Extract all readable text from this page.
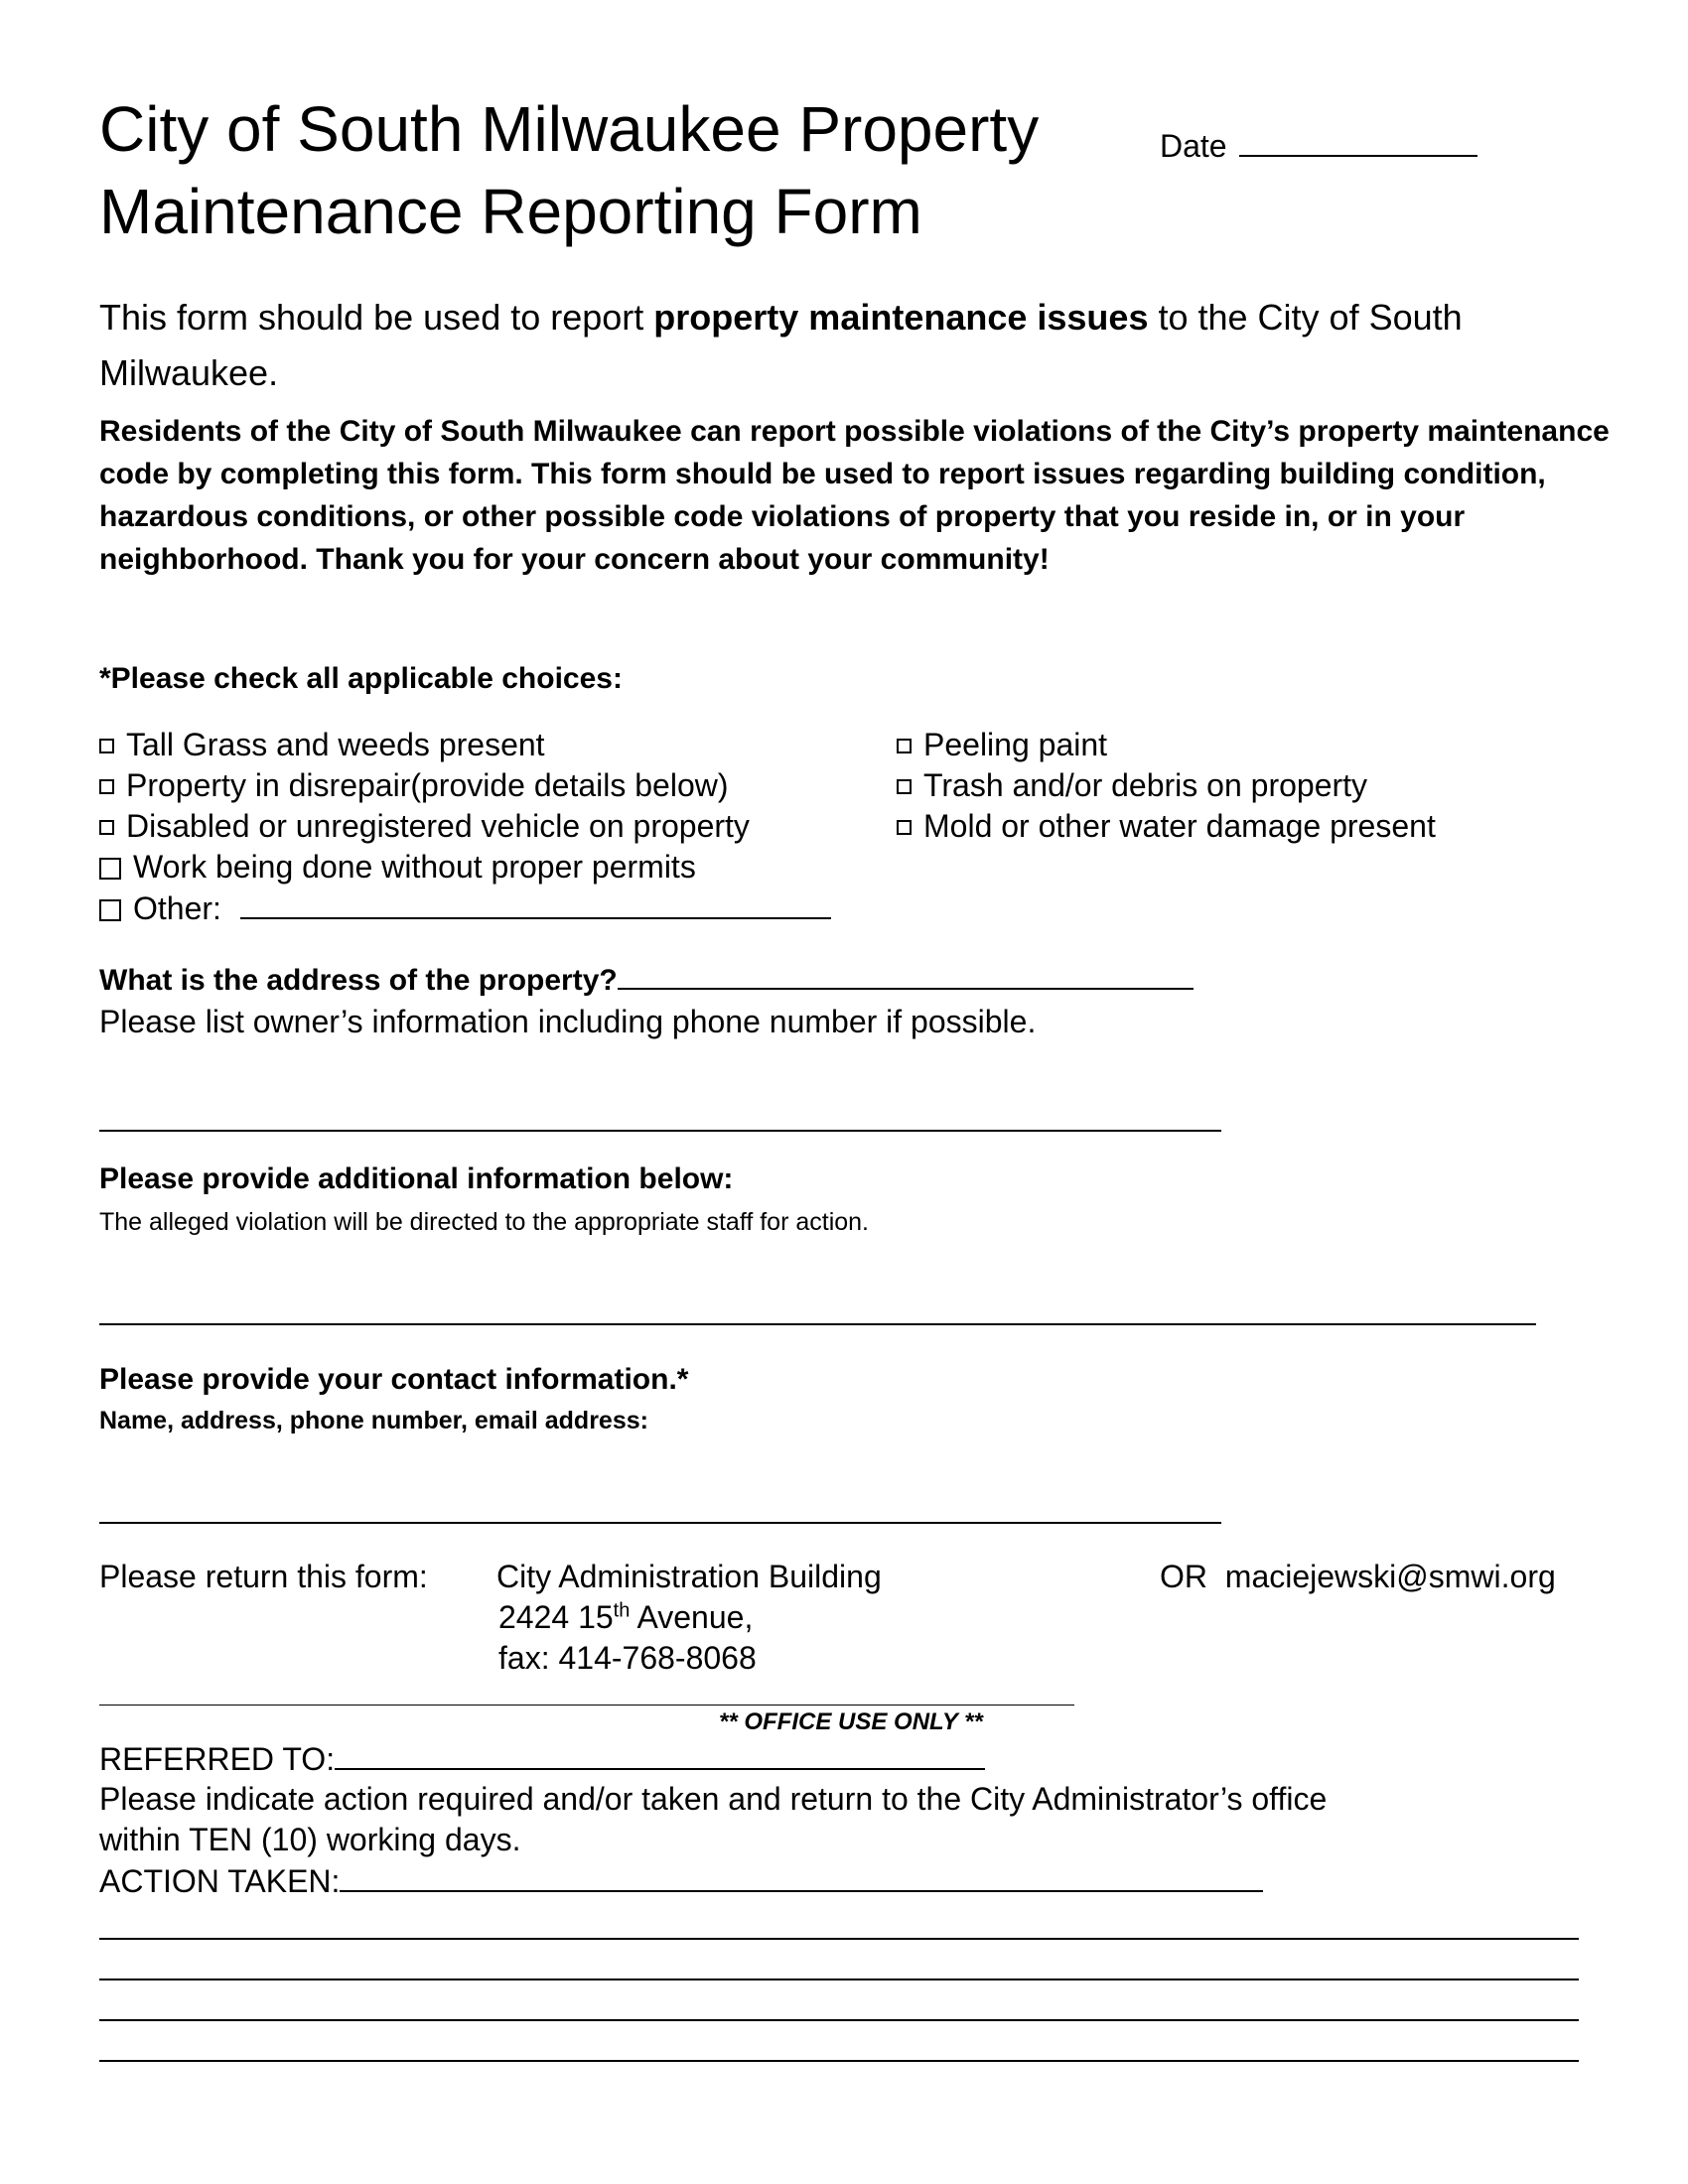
City of South Milwaukee Property	Date
Maintenance Reporting Form
This form should be used to report property maintenance issues to the City of South Milwaukee.
Residents of the City of South Milwaukee can report possible violations of the City’s property maintenance code by completing this form. This form should be used to report issues regarding building condition, hazardous conditions, or other possible code violations of property that you reside in, or in your neighborhood. Thank you for your concern about your community!
*Please check all applicable choices:
Tall Grass and weeds present
Property in disrepair(provide details below)
Disabled or unregistered vehicle on property
Work being done without proper permits
Other:
Peeling paint
Trash and/or debris on property
Mold or other water damage present
What is the address of the property?
Please list owner’s information including phone number if possible.
Please provide additional information below:
The alleged violation will be directed to the appropriate staff for action.
Please provide your contact information.*
Name, address, phone number, email address:
Please return this form: City Administration Building
2424 15th Avenue,
fax: 414-768-8068
OR maciejewski@smwi.org
** OFFICE USE ONLY **
REFERRED TO:
Please indicate action required and/or taken and return to the City Administrator’s office
within TEN (10) working days.
ACTION TAKEN:
